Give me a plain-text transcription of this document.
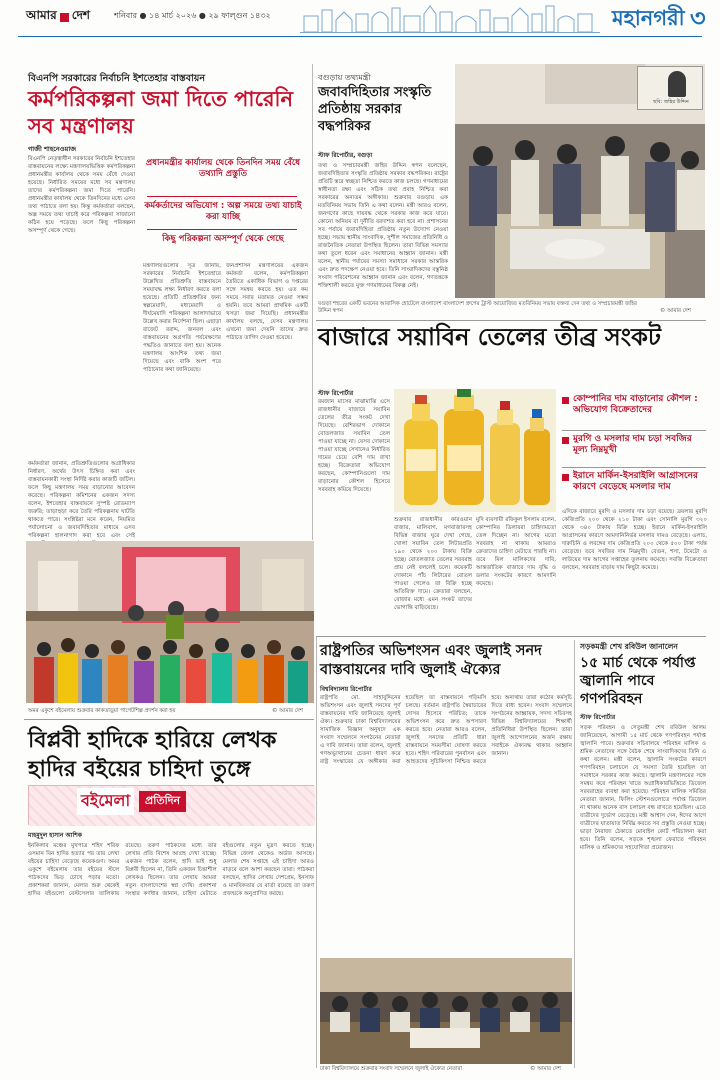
আমার দেশ	শনিবার ● ১৪ মার্চ ২০২৬ ● ২৯ ফাল্গুন ১৪৩২	মহানগরী ৩
বিএনপি সরকারের নির্বাচনি ইশতেহার বাস্তবায়ন
কর্মপরিকল্পনা জমা দিতে পারেনি সব মন্ত্রণালয়
গাজী শাহনেওয়াজ
বিএনপি নেতৃত্বাধীন সরকারের নির্বাচনি ইশতেহার বাস্তবায়নের লক্ষ্যে মন্ত্রণালয়ভিত্তিক কর্মপরিকল্পনা প্রধানমন্ত্রীর কার্যালয় থেকে সময় বেঁধে দেওয়া হয়েছে। নির্ধারিত সময়ের মধ্যে সব মন্ত্রণালয় তাদের কর্মপরিকল্পনা জমা দিতে পারেনি। প্রধানমন্ত্রীর কার্যালয় থেকে তিনদিনের মধ্যে এসব তথ্য পাঠাতে বলা হয়। কিন্তু কর্মকর্তারা বলছেন, অল্প সময়ে তথ্য যাচাই করে পরিকল্পনা সাজানো কঠিন হয়ে পড়েছে। ফলে কিছু পরিকল্পনা অসম্পূর্ণ থেকে গেছে।
প্রধানমন্ত্রীর কার্যালয় থেকে তিনদিন সময় বেঁধে তথ্যাদি প্রস্তুতি
কর্মকর্তাদের অভিযোগ : অল্প সময়ে তথ্য যাচাই করা যাচ্ছি
কিছু পরিকল্পনা অসম্পূর্ণ থেকে গেছে
মন্ত্রণালয়গুলোর সূত্র জানায়, সরকারের নির্বাচনি ইশতেহারে উল্লেখিত প্রতিশ্রুতি বাস্তবায়নে সময়াবদ্ধ লক্ষ্য নির্ধারণ করতে বলা হয়েছে। প্রতিটি প্রতিশ্রুতির জন্য স্বল্পমেয়াদি, মধ্যমেয়াদি ও দীর্ঘমেয়াদি পরিকল্পনা আলাদাভাবে উল্লেখ করার নির্দেশনা ছিল। এছাড়া বাজেট বরাদ্দ, জনবল এবং বাস্তবায়নের অগ্রগতি পর্যবেক্ষণের পদ্ধতিও জানাতে বলা হয়। অনেক মন্ত্রণালয় আংশিক তথ্য জমা দিয়েছে এবং বাকি অংশ পরে পাঠানোর কথা জানিয়েছে।
জনপ্রশাসন মন্ত্রণালয়ের একজন কর্মকর্তা বলেন, কর্মপরিকল্পনা তৈরিতে একাধিক বিভাগ ও দপ্তরের সঙ্গে সমন্বয় করতে হয়। এত কম সময়ে সবার মতামত নেওয়া সম্ভব হয়নি। তবে আমরা প্রাথমিক একটি খসড়া জমা দিয়েছি। প্রধানমন্ত্রীর কার্যালয় বলছে, যেসব মন্ত্রণালয় এখনো জমা দেয়নি তাদের দ্রুত পাঠাতে তাগিদ দেওয়া হয়েছে।
কর্মকর্তারা জানান, প্রতিশ্রুতিগুলোর অগ্রাধিকার নির্ধারণ, অর্থের উৎস চিহ্নিত করা এবং বাস্তবায়নকারী সংস্থা নির্দিষ্ট করার কাজটি জটিল। ফলে কিছু মন্ত্রণালয় সময় বাড়ানোর আবেদন করেছে। পরিকল্পনা কমিশনের একজন সদস্য বলেন, ইশতেহার বাস্তবায়নে সুস্পষ্ট রোডম্যাপ জরুরি; তাড়াহুড়া করে তৈরি পরিকল্পনায় ঘাটতি থাকতে পারে। সংশ্লিষ্টরা মনে করেন, নিয়মিত পর্যালোচনা ও জবাবদিহিতার মাধ্যমে এসব পরিকল্পনা হালনাগাদ করা হবে এবং সেই
বগুড়ায় তথ্যমন্ত্রী
জবাবদিহিতার সংস্কৃতি প্রতিষ্ঠায় সরকার বদ্ধপরিকর
স্টাফ রিপোর্টার, বগুড়া
তথ্য ও সম্প্রচারমন্ত্রী জহির উদ্দিন স্বপন বলেছেন, জবাবদিহিতার সংস্কৃতি প্রতিষ্ঠায় সরকার বদ্ধপরিকর। রাষ্ট্রের প্রতিটি স্তরে স্বচ্ছতা নিশ্চিত করতে কাজ চলছে। গণমাধ্যমের স্বাধীনতা রক্ষা এবং সঠিক তথ্য প্রবাহ নিশ্চিত করা সরকারের অন্যতম অঙ্গীকার। শুক্রবার বগুড়ায় এক মতবিনিময় সভায় তিনি এ কথা বলেন। মন্ত্রী আরও বলেন, জনগণের কাছে দায়বদ্ধ থেকে সরকার কাজ করে যাবে। কোনো অনিয়ম বা দুর্নীতি বরদাশত করা হবে না। প্রশাসনের সব পর্যায়ে জবাবদিহিতা প্রতিষ্ঠায় নতুন উদ্যোগ নেওয়া হচ্ছে। সভায় স্থানীয় সাংবাদিক, সুশীল সমাজের প্রতিনিধি ও রাজনৈতিক নেতারা উপস্থিত ছিলেন। তারা বিভিন্ন সমস্যার কথা তুলে ধরেন এবং সমাধানের আহ্বান জানান। মন্ত্রী বলেন, স্থানীয় পর্যায়ের সমস্যা সমাধানে সরকার আন্তরিক এবং দ্রুত পদক্ষেপ নেওয়া হবে। তিনি সাংবাদিকদের বস্তুনিষ্ঠ সংবাদ পরিবেশনের আহ্বান জানান এবং বলেন, গণতন্ত্রকে শক্তিশালী করতে মুক্ত গণমাধ্যমের বিকল্প নেই।
ছবি: জহির উদ্দিন
বগুড়া শহরের একটি ভবনের আবাসিক হোটেলে বাংলাদেশ বাংলাদেশ গ্রুপের ট্রাস্ট আয়োজিত মতবিনিময় সভায় বক্তব্য দেন তথ্য ও সম্প্রচারমন্ত্রী জহির উদ্দিন স্বপন	© আমার দেশ
বাজারে সয়াবিন তেলের তীব্র সংকট
স্টাফ রিপোর্টার
কোম্পানির দাম বাড়ানোর কৌশল : অভিযোগ বিক্রেতাদের
মুরগি ও মসলার দাম চড়া সবজির মূল্য নিম্নমুখী
ইরানে মার্কিন-ইসরাইলি আগ্রাসনের কারণে বেড়েছে মসলার দাম
রমজান মাসের মাঝামাঝি এসে রাজধানীর বাজারে সয়াবিন তেলের তীব্র সংকট দেখা দিয়েছে। বেশিরভাগ দোকানে বোতলজাত সয়াবিন তেল পাওয়া যাচ্ছে না। যেসব দোকানে পাওয়া যাচ্ছে সেখানেও নির্ধারিত দামের চেয়ে বেশি দাম রাখা হচ্ছে। বিক্রেতারা অভিযোগ করছেন, কোম্পানিগুলো দাম বাড়ানোর কৌশল হিসেবে সরবরাহ কমিয়ে দিয়েছে।
শুক্রবার রাজধানীর কারওয়ান বাজার, মালিবাগ, মগবাজারসহ বিভিন্ন বাজার ঘুরে দেখা গেছে, খোলা সয়াবিন তেল লিটারপ্রতি ১৯০ থেকে ২০০ টাকায় বিক্রি হচ্ছে। বোতলজাত তেলের সরবরাহ প্রায় নেই বললেই চলে। কয়েকটি দোকানে পাঁচ লিটারের বোতল পাওয়া গেলেও তা বিক্রি হচ্ছে অতিরিক্ত দামে। ক্রেতারা বলছেন, রোজার মধ্যে এমন সংকট তাদের ভোগান্তি বাড়িয়েছে।
মুদি ব্যবসায়ী রফিকুল ইসলাম বলেন, কোম্পানির ডিলাররা চাহিদামতো তেল দিচ্ছেন না। আগের মতো সরবরাহ না থাকায় আমরাও ক্রেতাদের চাহিদা মেটাতে পারছি না। তবে মিল মালিকদের দাবি, আন্তর্জাতিক বাজারে দাম বৃদ্ধি ও ডলার সংকটের কারণে আমদানি কমেছে।
এদিকে বাজারে মুরগি ও মসলার দাম চড়া রয়েছে। ব্রয়লার মুরগি কেজিপ্রতি ২০০ থেকে ২১০ টাকা এবং সোনালি মুরগি ৩২০ থেকে ৩৪০ টাকায় বিক্রি হচ্ছে। ইরানে মার্কিন-ইসরাইলি আগ্রাসনের কারণে আমদানিনির্ভর মসলার দামও বেড়েছে। এলাচ, দারুচিনি ও লবঙ্গের দাম কেজিপ্রতি ২০০ থেকে ৫০০ টাকা পর্যন্ত বেড়েছে। তবে সবজির দাম নিম্নমুখী। বেগুন, শসা, টমেটো ও লাউয়ের দাম আগের সপ্তাহের তুলনায় কমেছে। সবজি বিক্রেতারা বলছেন, সরবরাহ বাড়ায় দাম কিছুটা কমেছে।
অমর একুশে বইমেলায় শুক্রবার কাকতাড়ুয়া পাপেটশিল্প প্রদর্শন করা হয়	© আমার দেশ
বিপ্লবী হাদিকে হারিয়ে লেখক হাদির বইয়ের চাহিদা তুঙ্গে
বইমেলা	প্রতিদিন
মাহমুদুল হাসান আশিক
ইনকিলাব মঞ্চের মুখপাত্র শহিদ শরিফ ওসমান বিন হাদির হত্যার পর তার লেখা বইয়ের চাহিদা বেড়েছে কয়েকগুণ। অমর একুশে বইমেলায় তার বইয়ের স্টলে পাঠকদের ভিড় চোখে পড়ার মতো। প্রকাশকরা জানান, মেলার শুরু থেকেই হাদির বইগুলো বেস্টসেলার তালিকায় রয়েছে। তরুণ পাঠকদের মধ্যে তার লেখার প্রতি বিশেষ আগ্রহ দেখা যাচ্ছে। একজন পাঠক বলেন, হাদি ভাই শুধু বিপ্লবী ছিলেন না, তিনি একজন চিন্তাশীল লেখকও ছিলেন। তার লেখায় আমরা নতুন বাংলাদেশের স্বপ্ন দেখি। প্রকাশনা সংস্থার কর্ণধার জানান, চাহিদা মেটাতে বইগুলোর নতুন মুদ্রণ করতে হচ্ছে। বিভিন্ন জেলা থেকেও অর্ডার আসছে। মেলার শেষ সপ্তাহে এই চাহিদা আরও বাড়বে বলে আশা করছেন তারা। পাঠকরা বলছেন, হাদির লেখায় দেশপ্রেম, ইনসাফ ও মানবিকতার যে বার্তা রয়েছে তা তরুণ প্রজন্মকে অনুপ্রাণিত করছে।
রাষ্ট্রপতির অভিশংসন এবং জুলাই সনদ বাস্তবায়নের দাবি জুলাই ঐক্যের
বিশ্ববিদ্যালয় রিপোর্টার
রাষ্ট্রপতি মো. সাহাবুদ্দিনের অভিশংসন এবং জুলাই সনদের পূর্ণ বাস্তবায়নের দাবি জানিয়েছে জুলাই ঐক্য। শুক্রবার ঢাকা বিশ্ববিদ্যালয়ের সামাজিক বিজ্ঞান অনুষদে এক সংবাদ সম্মেলনে সংগঠনের নেতারা এ দাবি জানান। তারা বলেন, জুলাই গণঅভ্যুত্থানের চেতনা ধারণ করে রাষ্ট্র সংস্কারের যে অঙ্গীকার করা হয়েছিল তা বাস্তবায়নে গড়িমসি চলছে। বর্তমান রাষ্ট্রপতি স্বৈরাচারের দোসর হিসেবে পরিচিত; তাকে অভিশংসন করে দ্রুত অপসারণ করতে হবে। নেতারা আরও বলেন, জুলাই সনদের প্রতিটি ধারা বাস্তবায়নে সময়সীমা ঘোষণা করতে হবে। শহিদ পরিবারের পুনর্বাসন এবং আহতদের সুচিকিৎসা নিশ্চিত করতে হবে। অন্যথায় তারা কঠোর কর্মসূচি দিতে বাধ্য হবেন। সংবাদ সম্মেলনে সংগঠনের আহ্বায়ক, সদস্য সচিবসহ বিভিন্ন বিশ্ববিদ্যালয়ের শিক্ষার্থী প্রতিনিধিরা উপস্থিত ছিলেন। তারা জুলাই আন্দোলনের অর্জন রক্ষায় সবাইকে ঐক্যবদ্ধ থাকার আহ্বান জানান।
ঢাকা বিশ্ববিদ্যালয়ে শুক্রবার সংবাদ সম্মেলনে জুলাই ঐক্যের নেতারা	© আমার দেশ
সড়কমন্ত্রী শেখ রবিউল জানালেন
১৫ মার্চ থেকে পর্যাপ্ত জ্বালানি পাবে গণপরিবহন
স্টাফ রিপোর্টার
সড়ক পরিবহন ও সেতুমন্ত্রী শেখ রবিউল আলম জানিয়েছেন, আগামী ১৫ মার্চ থেকে গণপরিবহন পর্যাপ্ত জ্বালানি পাবে। শুক্রবার সচিবালয়ে পরিবহন মালিক ও শ্রমিক নেতাদের সঙ্গে বৈঠক শেষে সাংবাদিকদের তিনি এ কথা বলেন। মন্ত্রী বলেন, জ্বালানি সংকটের কারণে গণপরিবহন চলাচলে যে সমস্যা তৈরি হয়েছিল তা সমাধানে সরকার কাজ করছে। জ্বালানি মন্ত্রণালয়ের সঙ্গে সমন্বয় করে পরিবহন খাতে অগ্রাধিকারভিত্তিতে ডিজেল সরবরাহের ব্যবস্থা করা হয়েছে। পরিবহন মালিক সমিতির নেতারা জানান, ফিলিং স্টেশনগুলোতে পর্যাপ্ত ডিজেল না থাকায় অনেক বাস চলাচল বন্ধ রাখতে হয়েছিল। এতে যাত্রীদের দুর্ভোগ বেড়েছে। মন্ত্রী আশ্বাস দেন, ঈদের আগে যাত্রীদের যাতায়াত নির্বিঘ্ন করতে সব প্রস্তুতি নেওয়া হচ্ছে। ভাড়া নৈরাজ্য ঠেকাতে মোবাইল কোর্ট পরিচালনা করা হবে। তিনি বলেন, সড়কে শৃঙ্খলা ফেরাতে পরিবহন মালিক ও শ্রমিকদের সহযোগিতা প্রয়োজন।
